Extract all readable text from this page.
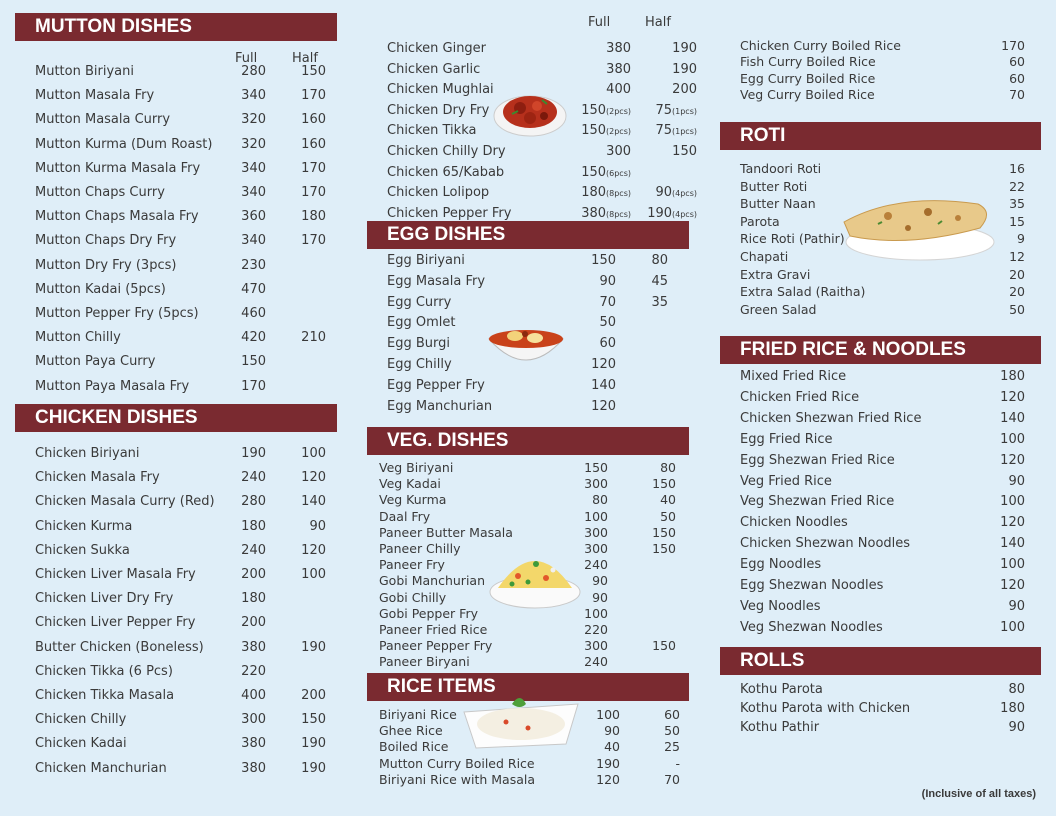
MUTTON DISHES
Full	Half
Mutton Biriyani	280	150
Mutton Masala Fry	340	170
Mutton Masala Curry	320	160
Mutton Kurma (Dum Roast) 320	160
Mutton Kurma Masala Fry	340	170
Mutton Chaps Curry	340	170
Mutton Chaps Masala Fry	360	180
Mutton Chaps Dry Fry	340	170
Mutton Dry Fry (3pcs)	230
Mutton Kadai (5pcs)	470
Mutton Pepper Fry (5pcs)	460
Mutton Chilly	420	210
Mutton Paya Curry	150
Mutton Paya Masala Fry	170
CHICKEN DISHES
Chicken Biriyani	190	100
Chicken Masala Fry	240	120
Chicken Masala Curry (Red) 280	140
Chicken Kurma	180	90
Chicken Sukka	240	120
Chicken Liver Masala Fry	200	100
Chicken Liver Dry Fry	180
Chicken Liver Pepper Fry	200
Butter Chicken (Boneless)	380	190
Chicken Tikka (6 Pcs)	220
Chicken Tikka Masala	400	200
Chicken Chilly	300	150
Chicken Kadai	380	190
Chicken Manchurian	380	190
Full	Half
Chicken Ginger	380	190
Chicken Garlic	380	190
Chicken Mughlai	400	200
Chicken Dry Fry	150(2pcs) 75(1pcs)
Chicken Tikka	150(2pcs) 75(1pcs)
Chicken Chilly Dry	300	150
Chicken 65/Kabab	150(6pcs)
Chicken Lolipop	180(8pcs) 90(4pcs)
Chicken Pepper Fry	380(8pcs) 190(4pcs)
EGG DISHES
Egg Biriyani	150	80
Egg Masala Fry	90	45
Egg Curry	70	35
Egg Omlet	50
Egg Burgi	60
Egg Chilly	120
Egg Pepper Fry	140
Egg Manchurian	120
VEG. DISHES
Veg Biriyani	150	80
Veg Kadai	300	150
Veg Kurma	80	40
Daal Fry	100	50
Paneer Butter Masala	300	150
Paneer Chilly	300	150
Paneer Fry	240
Gobi Manchurian	90
Gobi Chilly	90
Gobi Pepper Fry	100
Paneer Fried Rice	220
Paneer Pepper Fry	300	150
Paneer Biryani	240
RICE ITEMS
Biriyani Rice	100	60
Ghee Rice	90	50
Boiled Rice	40	25
Mutton Curry Boiled Rice	190	-
Biriyani Rice with Masala	120	70
Chicken Curry Boiled Rice	170
Fish Curry Boiled Rice	60
Egg Curry Boiled Rice	60
Veg Curry Boiled Rice	70
ROTI
Tandoori Roti	16
Butter Roti	22
Butter Naan	35
Parota	15
Rice Roti (Pathir)	9
Chapati	12
Extra Gravi	20
Extra Salad (Raitha)	20
Green Salad	50
FRIED RICE & NOODLES
Mixed Fried Rice	180
Chicken Fried Rice	120
Chicken Shezwan Fried Rice	140
Egg Fried Rice	100
Egg Shezwan Fried Rice	120
Veg Fried Rice	90
Veg Shezwan Fried Rice	100
Chicken Noodles	120
Chicken Shezwan Noodles	140
Egg Noodles	100
Egg Shezwan Noodles	120
Veg Noodles	90
Veg Shezwan Noodles	100
ROLLS
Kothu Parota	80
Kothu Parota with Chicken	180
Kothu Pathir	90
(Inclusive of all taxes)
